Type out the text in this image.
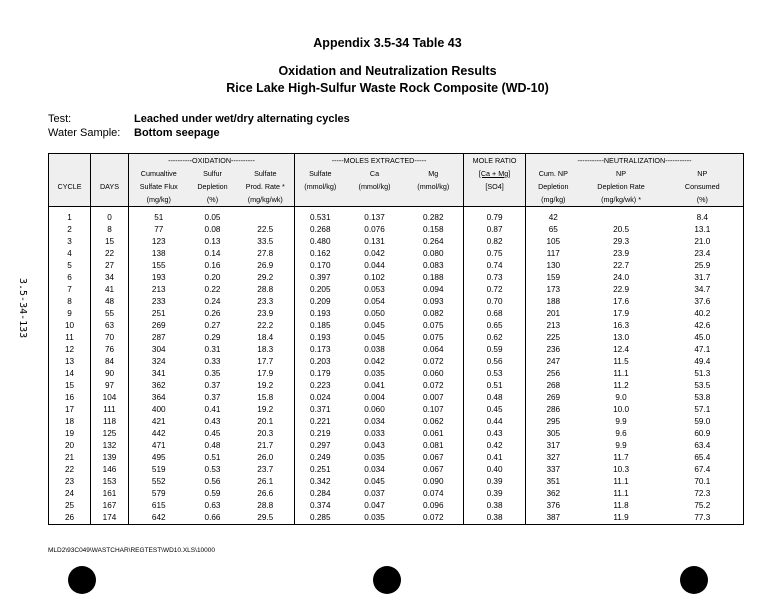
Appendix 3.5-34 Table 43
Oxidation and Neutralization Results
Rice Lake High-Sulfur Waste Rock Composite (WD-10)
Test:	Leached under wet/dry alternating cycles
Water Sample: Bottom seepage
3.5-34-133
		----------OXIDATION----------			-----MOLES EXTRACTED-----			MOLE RATIO	-----------NEUTRALIZATION-----------		
		Cumualtive	Sulfur	Sulfate	Sulfate	Ca	Mg	[Ca + Mg]	Cum. NP	NP	NP
CYCLE	DAYS	Sulfate Flux	Depletion	Prod. Rate *	(mmol/kg)	(mmol/kg)	(mmol/kg)	[SO4]	Depletion	Depletion Rate	Consumed
		(mg/kg)	(%)	(mg/kg/wk)					(mg/kg)	(mg/kg/wk) *	(%)

1	0	51	0.05		0.531	0.137	0.282	0.79	42		8.4
2	8	77	0.08	22.5	0.268	0.076	0.158	0.87	65	20.5	13.1
3	15	123	0.13	33.5	0.480	0.131	0.264	0.82	105	29.3	21.0
4	22	138	0.14	27.8	0.162	0.042	0.080	0.75	117	23.9	23.4
5	27	155	0.16	26.9	0.170	0.044	0.083	0.74	130	22.7	25.9
6	34	193	0.20	29.2	0.397	0.102	0.188	0.73	159	24.0	31.7
7	41	213	0.22	28.8	0.205	0.053	0.094	0.72	173	22.9	34.7
8	48	233	0.24	23.3	0.209	0.054	0.093	0.70	188	17.6	37.6
9	55	251	0.26	23.9	0.193	0.050	0.082	0.68	201	17.9	40.2
10	63	269	0.27	22.2	0.185	0.045	0.075	0.65	213	16.3	42.6
11	70	287	0.29	18.4	0.193	0.045	0.075	0.62	225	13.0	45.0
12	76	304	0.31	18.3	0.173	0.038	0.064	0.59	236	12.4	47.1
13	84	324	0.33	17.7	0.203	0.042	0.072	0.56	247	11.5	49.4
14	90	341	0.35	17.9	0.179	0.035	0.060	0.53	256	11.1	51.3
15	97	362	0.37	19.2	0.223	0.041	0.072	0.51	268	11.2	53.5
16	104	364	0.37	15.8	0.024	0.004	0.007	0.48	269	9.0	53.8
17	111	400	0.41	19.2	0.371	0.060	0.107	0.45	286	10.0	57.1
18	118	421	0.43	20.1	0.221	0.034	0.062	0.44	295	9.9	59.0
19	125	442	0.45	20.3	0.219	0.033	0.061	0.43	305	9.6	60.9
20	132	471	0.48	21.7	0.297	0.043	0.081	0.42	317	9.9	63.4
21	139	495	0.51	26.0	0.249	0.035	0.067	0.41	327	11.7	65.4
22	146	519	0.53	23.7	0.251	0.034	0.067	0.40	337	10.3	67.4
23	153	552	0.56	26.1	0.342	0.045	0.090	0.39	351	11.1	70.1
24	161	579	0.59	26.6	0.284	0.037	0.074	0.39	362	11.1	72.3
25	167	615	0.63	28.8	0.374	0.047	0.096	0.38	376	11.8	75.2
26	174	642	0.66	29.5	0.285	0.035	0.072	0.38	387	11.9	77.3
MLD2\93C049\WASTCHAR\REGTEST\WD10.XLS\10000
